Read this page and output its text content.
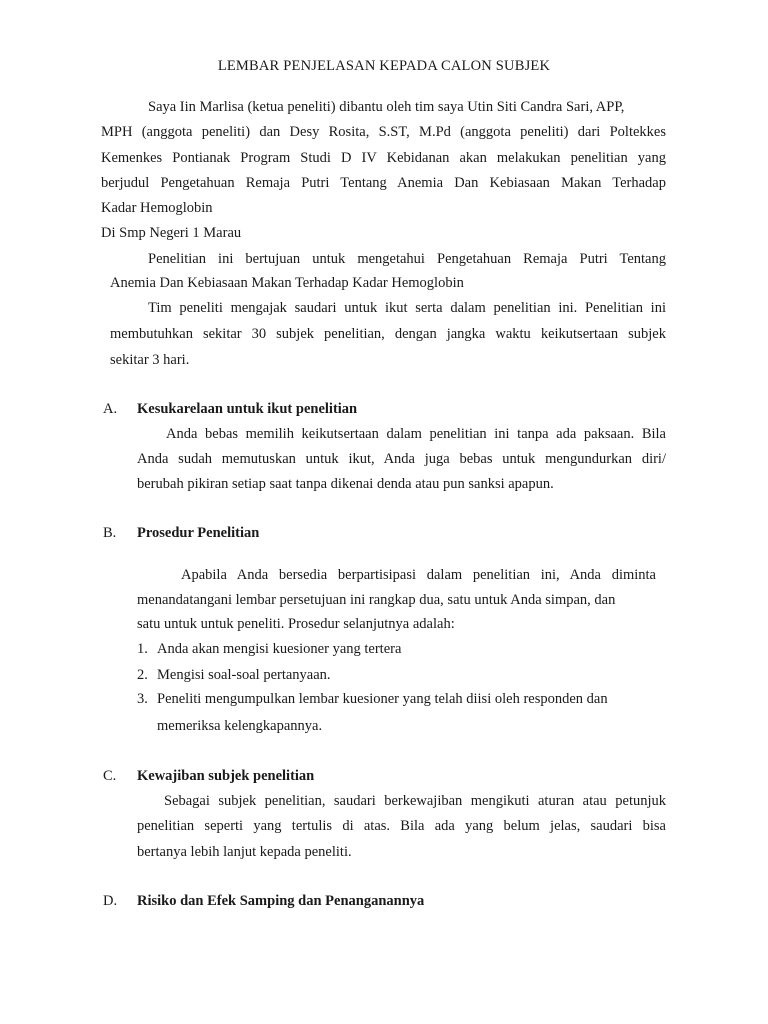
LEMBAR PENJELASAN KEPADA CALON SUBJEK
Saya Iin Marlisa (ketua peneliti) dibantu oleh tim saya Utin Siti Candra Sari, APP,
MPH (anggota peneliti) dan Desy Rosita, S.ST, M.Pd (anggota peneliti) dari Poltekkes
Kemenkes Pontianak Program Studi D IV Kebidanan akan melakukan penelitian yang
berjudul Pengetahuan Remaja Putri Tentang Anemia Dan Kebiasaan Makan Terhadap
Kadar Hemoglobin
Di Smp Negeri 1 Marau
Penelitian ini bertujuan untuk mengetahui Pengetahuan Remaja Putri Tentang
Anemia Dan Kebiasaan Makan Terhadap Kadar Hemoglobin
Tim peneliti mengajak saudari untuk ikut serta dalam penelitian ini. Penelitian ini
membutuhkan sekitar 30 subjek penelitian, dengan jangka waktu keikutsertaan subjek
sekitar 3 hari.
A. Kesukarelaan untuk ikut penelitian
Anda bebas memilih keikutsertaan dalam penelitian ini tanpa ada paksaan. Bila
Anda sudah memutuskan untuk ikut, Anda juga bebas untuk mengundurkan diri/
berubah pikiran setiap saat tanpa dikenai denda atau pun sanksi apapun.
B. Prosedur Penelitian
Apabila Anda bersedia berpartisipasi dalam penelitian ini, Anda diminta
menandatangani lembar persetujuan ini rangkap dua, satu untuk Anda simpan, dan
satu untuk untuk peneliti. Prosedur selanjutnya adalah:
1. Anda akan mengisi kuesioner yang tertera
2. Mengisi soal-soal pertanyaan.
3. Peneliti mengumpulkan lembar kuesioner yang telah diisi oleh responden dan
memeriksa kelengkapannya.
C. Kewajiban subjek penelitian
Sebagai subjek penelitian, saudari berkewajiban mengikuti aturan atau petunjuk
penelitian seperti yang tertulis di atas. Bila ada yang belum jelas, saudari bisa
bertanya lebih lanjut kepada peneliti.
D. Risiko dan Efek Samping dan Penanganannya
